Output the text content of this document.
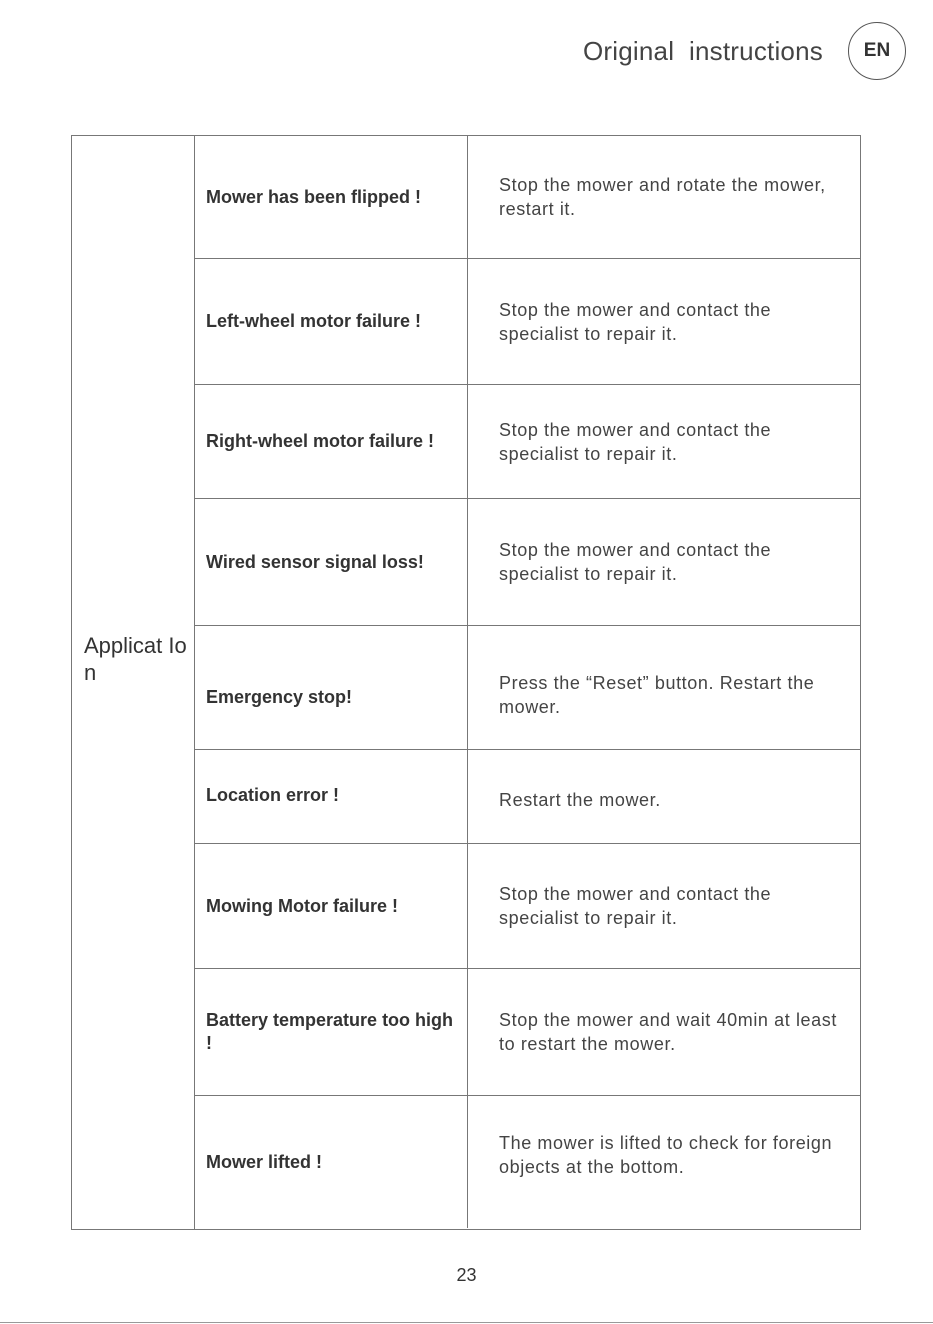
Original  instructions	EN
Applicat Ion
Mower has been flipped !
Stop the mower and rotate the mower, restart it.
Left-wheel motor failure !
Stop the mower and contact the specialist to repair it.
Right-wheel motor failure !
Stop the mower and contact the specialist to repair it.
Wired sensor signal loss!
Stop the mower and contact the specialist to repair it.
Emergency stop!
Press the “Reset” button. Restart the mower.
Location error !	Restart the mower.
Mowing Motor failure !
Stop the mower and contact the specialist to repair it.
Battery temperature too high !
Stop the mower and wait 40min at least to restart the mower.
Mower lifted !
The mower is lifted to check for foreign objects at the bottom.
23
